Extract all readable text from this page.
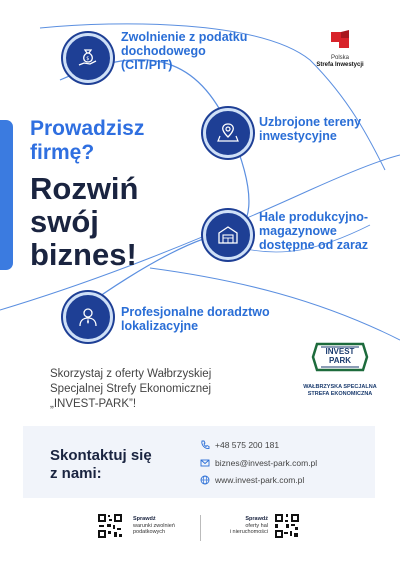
Polska
Strefa Inwestycji
$
Zwolnienie z podatku
dochodowego
(CIT/PIT)
Uzbrojone tereny
inwestycyjne
Hale produkcyjno-
magazynowe
dostępne od zaraz
Profesjonalne doradztwo
lokalizacyjne
Prowadzisz
firmę?
Rozwiń
swój
biznes!
Skorzystaj z oferty Wałbrzyskiej
Specjalnej Strefy Ekonomicznej
„INVEST-PARK”!
INVEST
PARK
WAŁBRZYSKA SPECJALNA
STREFA EKONOMICZNA
Skontaktuj się
z nami:
+48 575 200 181
biznes@invest-park.com.pl
www.invest-park.com.pl
Sprawdź
warunki zwolnień
podatkowych
Sprawdź
oferty hal
i nieruchomości
